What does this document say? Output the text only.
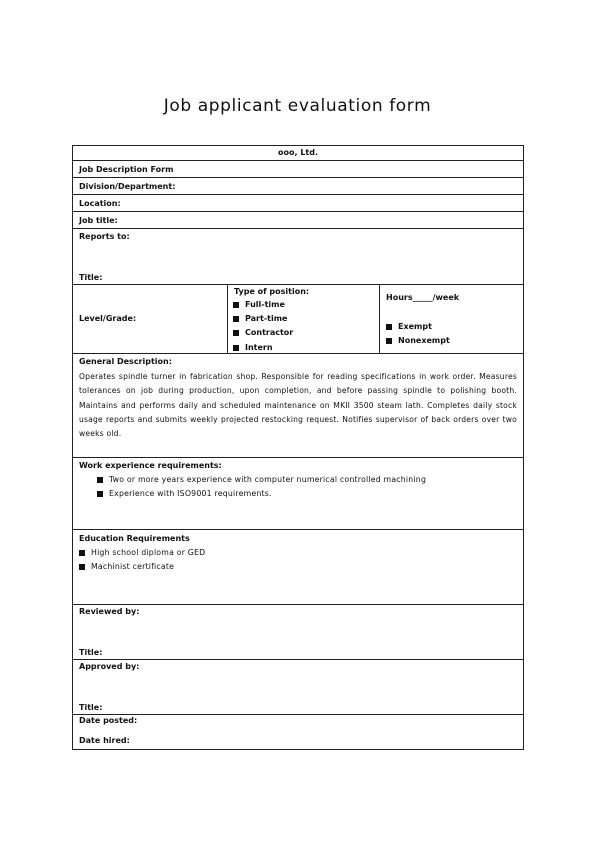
Job applicant evaluation form
ooo, Ltd.
Job Description Form
Division/Department:
Location:
Job title:
Reports to:
Title:
Level/Grade:
Type of position:
Full-time
Part-time
Contractor
Intern
Hours_____/week
Exempt
Nonexempt
General Description:
Operates spindle turner in fabrication shop. Responsible for reading specifications in work order. Measures tolerances on job during production, upon completion, and before passing spindle to polishing booth. Maintains and performs daily and scheduled maintenance on MKII 3500 steam lath. Completes daily stock usage reports and submits weekly projected restocking request. Notifies supervisor of back orders over two weeks old.
Work experience requirements:
Two or more years experience with computer numerical controlled machining
Experience with ISO9001 requirements.
Education Requirements
High school diploma or GED
Machinist certificate
Reviewed by:
Title:
Approved by:
Title:
Date posted:
Date hired:
